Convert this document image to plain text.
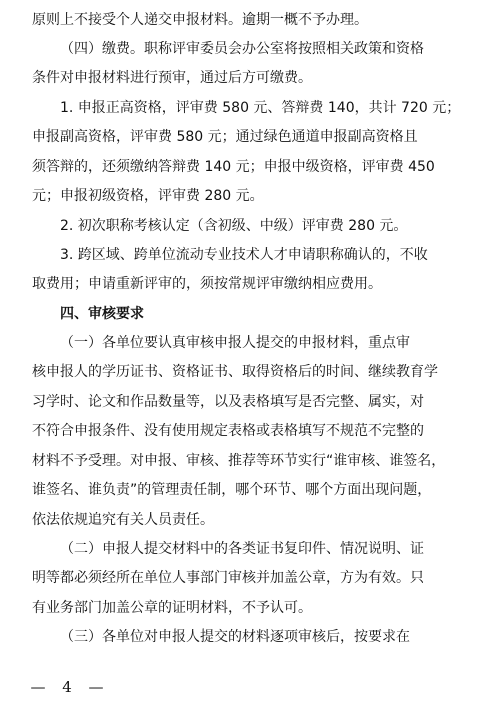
原则上不接受个人递交申报材料。逾期一概不予办理。
（四）缴费。职称评审委员会办公室将按照相关政策和资格
条件对申报材料进行预审，通过后方可缴费。
1. 申报正高资格，评审费 580 元、答辩费 140，共计 720 元；
申报副高资格，评审费 580 元；通过绿色通道申报副高资格且
须答辩的，还须缴纳答辩费 140 元；申报中级资格，评审费 450
元；申报初级资格，评审费 280 元。
2. 初次职称考核认定（含初级、中级）评审费 280 元。
3. 跨区域、跨单位流动专业技术人才申请职称确认的，不收
取费用；申请重新评审的，须按常规评审缴纳相应费用。
四、审核要求
（一）各单位要认真审核申报人提交的申报材料，重点审
核申报人的学历证书、资格证书、取得资格后的时间、继续教育学
习学时、论文和作品数量等，以及表格填写是否完整、属实，对
不符合申报条件、没有使用规定表格或表格填写不规范不完整的
材料不予受理。对申报、审核、推荐等环节实行“谁审核、谁签名，
谁签名、谁负责”的管理责任制，哪个环节、哪个方面出现问题，
依法依规追究有关人员责任。
（二）申报人提交材料中的各类证书复印件、情况说明、证
明等都必须经所在单位人事部门审核并加盖公章，方为有效。只
有业务部门加盖公章的证明材料，不予认可。
（三）各单位对申报人提交的材料逐项审核后，按要求在
— 4 —
